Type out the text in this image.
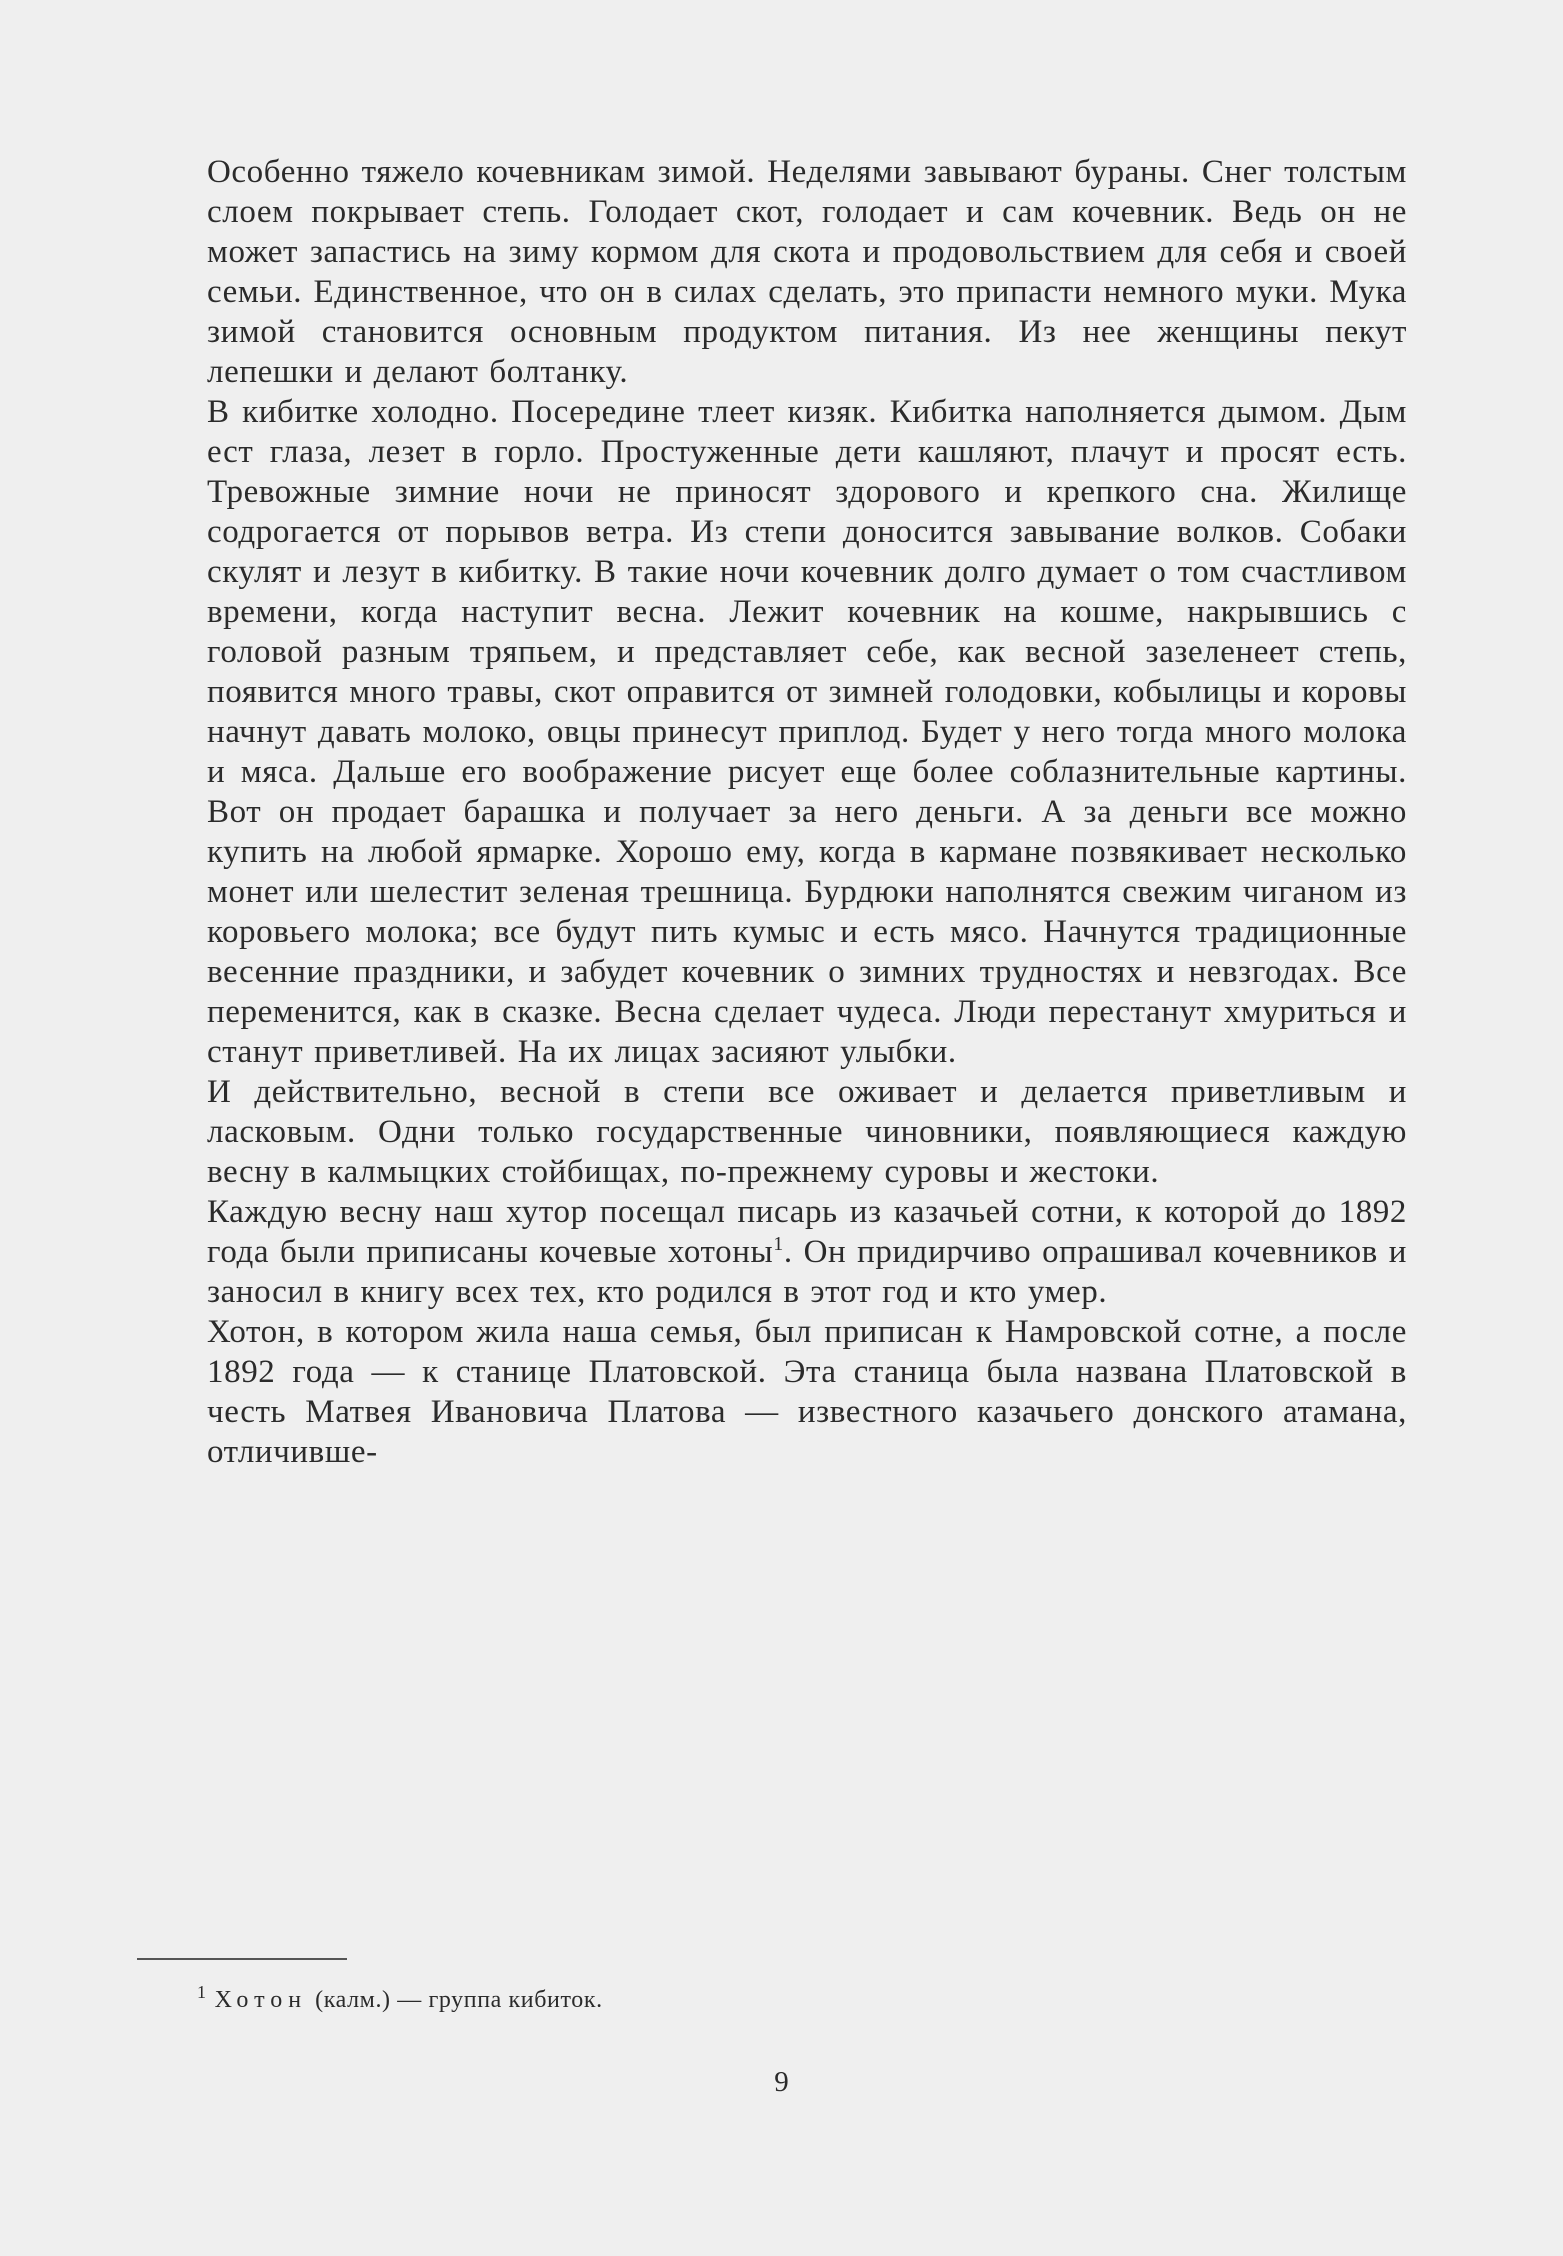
Особенно тяжело кочевникам зимой. Неделями завывают бураны. Снег толстым слоем покрывает степь. Голодает скот, голодает и сам кочевник. Ведь он не может запастись на зиму кормом для скота и продовольствием для себя и своей семьи. Единственное, что он в силах сделать, это припасти немного муки. Мука зимой становится основным продуктом питания. Из нее женщины пекут лепешки и делают болтанку.

В кибитке холодно. Посередине тлеет кизяк. Кибитка наполняется дымом. Дым ест глаза, лезет в горло. Простуженные дети кашляют, плачут и просят есть. Тревожные зимние ночи не приносят здорового и крепкого сна. Жилище содрогается от порывов ветра. Из степи доносится завывание волков. Собаки скулят и лезут в кибитку. В такие ночи кочевник долго думает о том счастливом времени, когда наступит весна. Лежит кочевник на кошме, накрывшись с головой разным тряпьем, и представляет себе, как весной зазеленеет степь, появится много травы, скот оправится от зимней голодовки, кобылицы и коровы начнут давать молоко, овцы принесут приплод. Будет у него тогда много молока и мяса. Дальше его воображение рисует еще более соблазнительные картины. Вот он продает барашка и получает за него деньги. А за деньги все можно купить на любой ярмарке. Хорошо ему, когда в кармане позвякивает несколько монет или шелестит зеленая трешница. Бурдюки наполнятся свежим чиганом из коровьего молока; все будут пить кумыс и есть мясо. Начнутся традиционные весенние праздники, и забудет кочевник о зимних трудностях и невзгодах. Все переменится, как в сказке. Весна сделает чудеса. Люди перестанут хмуриться и станут приветливей. На их лицах засияют улыбки.

И действительно, весной в степи все оживает и делается приветливым и ласковым. Одни только государственные чиновники, появляющиеся каждую весну в калмыцких стойбищах, по-прежнему суровы и жестоки.

Каждую весну наш хутор посещал писарь из казачьей сотни, к которой до 1892 года были приписаны кочевые хотоны$^1$. Он придирчиво опрашивал кочевников и заносил в книгу всех тех, кто родился в этот год и кто умер.

Хотон, в котором жила наша семья, был приписан к Намровской сотне, а после 1892 года — к станице Платовской. Эта станица была названа Платовской в честь Матвея Ивановича Платова — известного казачьего донского атамана, отличивше-

$^1$ Хотон (калм.) — группа кибиток.
9
